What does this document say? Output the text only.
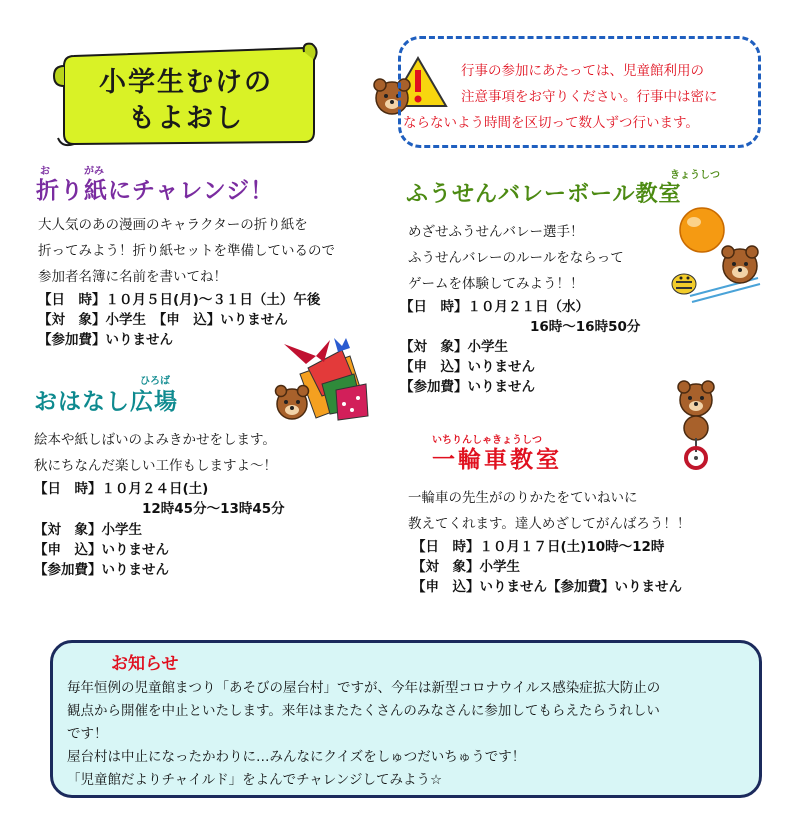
小学生むけの
もよおし
行事の参加にあたっては、児童館利用の
注意事項をお守りください。行事中は密に
ならないよう時間を区切って数人ずつ行います。
お	がみ
折り紙にチャレンジ！
大人気のあの漫画のキャラクターの折り紙を
折ってみよう！折り紙セットを準備しているので
参加者名簿に名前を書いてね！
【日　時】１０月５日(月)～３１日（土）午後
【対　象】小学生　【申　込】いりません
【参加費】いりません
ひろば
おはなし広場
絵本や紙しばいのよみきかせをします。
秋にちなんだ楽しい工作もしますよ～！
【日　時】１０月２４日(土)
12時45分～13時45分
【対　象】小学生
【申　込】いりません
【参加費】いりません
きょうしつ
ふうせんバレーボール教室
めざせふうせんバレー選手！
ふうせんバレーのルールをならって
ゲームを体験してみよう！！
【日　時】１０月２１日（水）
16時～16時50分
【対　象】小学生
【申　込】いりません
【参加費】いりません
いちりんしゃきょうしつ
一輪車教室
一輪車の先生がのりかたをていねいに
教えてくれます。達人めざしてがんばろう！！
【日　時】１０月１７日(土)10時～12時
【対　象】小学生
【申　込】いりません【参加費】いりません
お知らせ
毎年恒例の児童館まつり「あそびの屋台村」ですが、今年は新型コロナウイルス感染症拡大防止の
観点から開催を中止といたします。来年はまたたくさんのみなさんに参加してもらえたらうれしい
です！
屋台村は中止になったかわりに…みんなにクイズをしゅつだいちゅうです！
「児童館だよりチャイルド」をよんでチャレンジしてみよう☆
